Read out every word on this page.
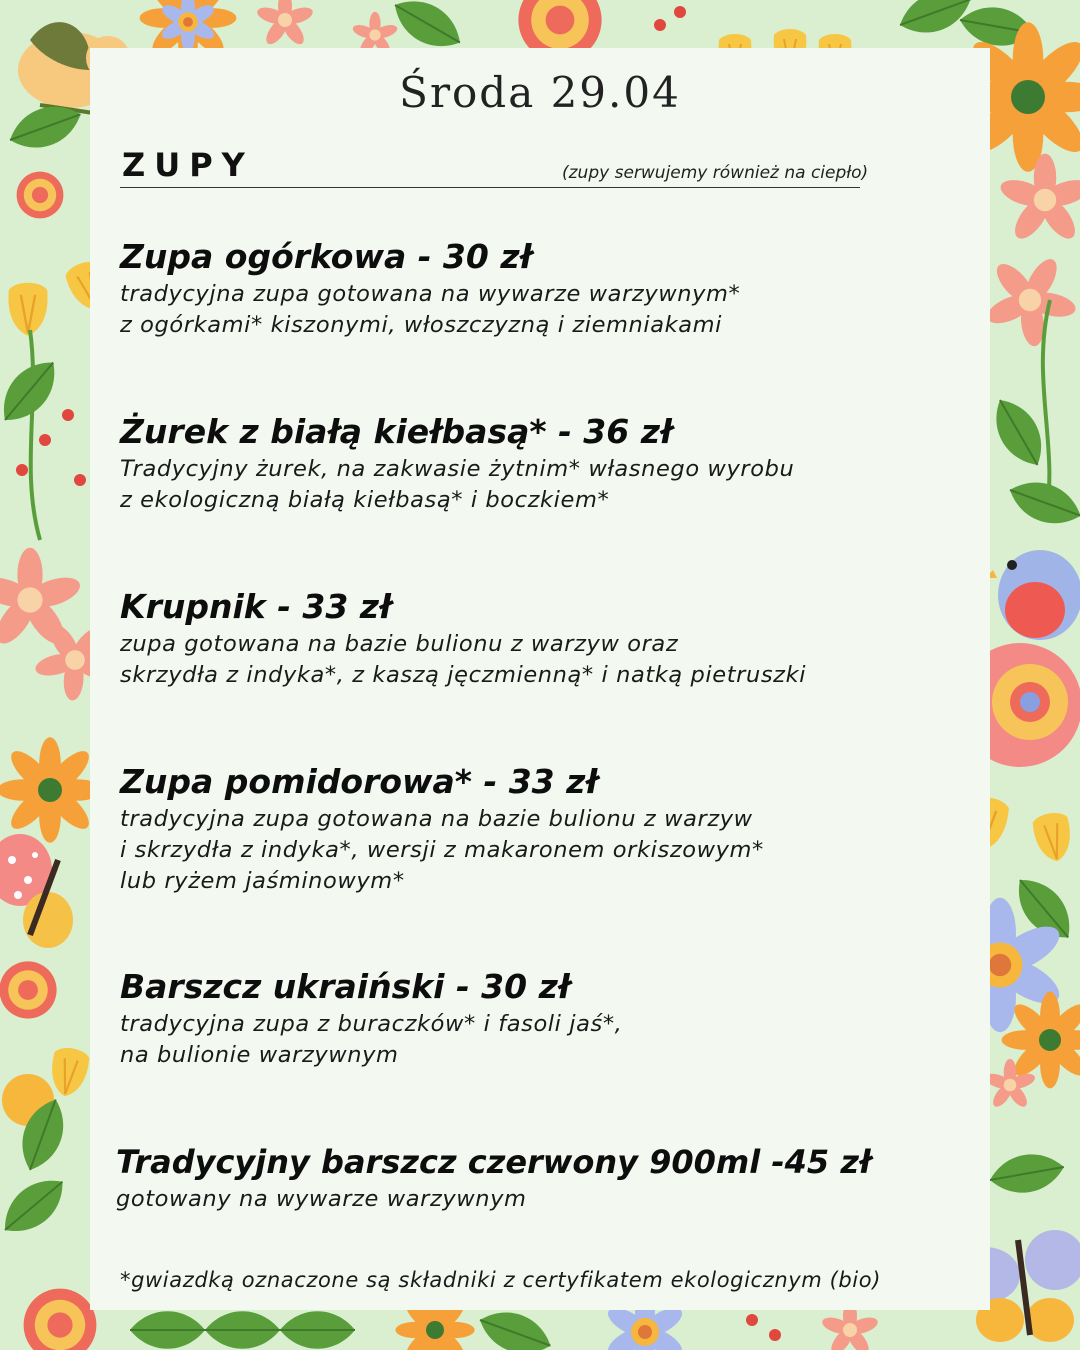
Środa 29.04
ZUPY	(zupy serwujemy również na ciepło)
Zupa ogórkowa - 30 zł
tradycyjna zupa gotowana na wywarze warzywnym*
z ogórkami* kiszonymi, włoszczyzną i ziemniakami
Żurek z białą kiełbasą* - 36 zł
Tradycyjny żurek, na zakwasie żytnim* własnego wyrobu
z ekologiczną białą kiełbasą* i boczkiem*
Krupnik - 33 zł
zupa gotowana na bazie bulionu z warzyw oraz
skrzydła z indyka*, z kaszą jęczmienną* i natką pietruszki
Zupa pomidorowa* - 33 zł
tradycyjna zupa gotowana na bazie bulionu z warzyw
i skrzydła z indyka*, wersji z makaronem orkiszowym*
lub ryżem jaśminowym*
Barszcz ukraiński - 30 zł
tradycyjna zupa z buraczków* i fasoli jaś*,
na bulionie warzywnym
Tradycyjny barszcz czerwony 900ml -45 zł
gotowany na wywarze warzywnym
*gwiazdką oznaczone są składniki z certyfikatem ekologicznym (bio)
